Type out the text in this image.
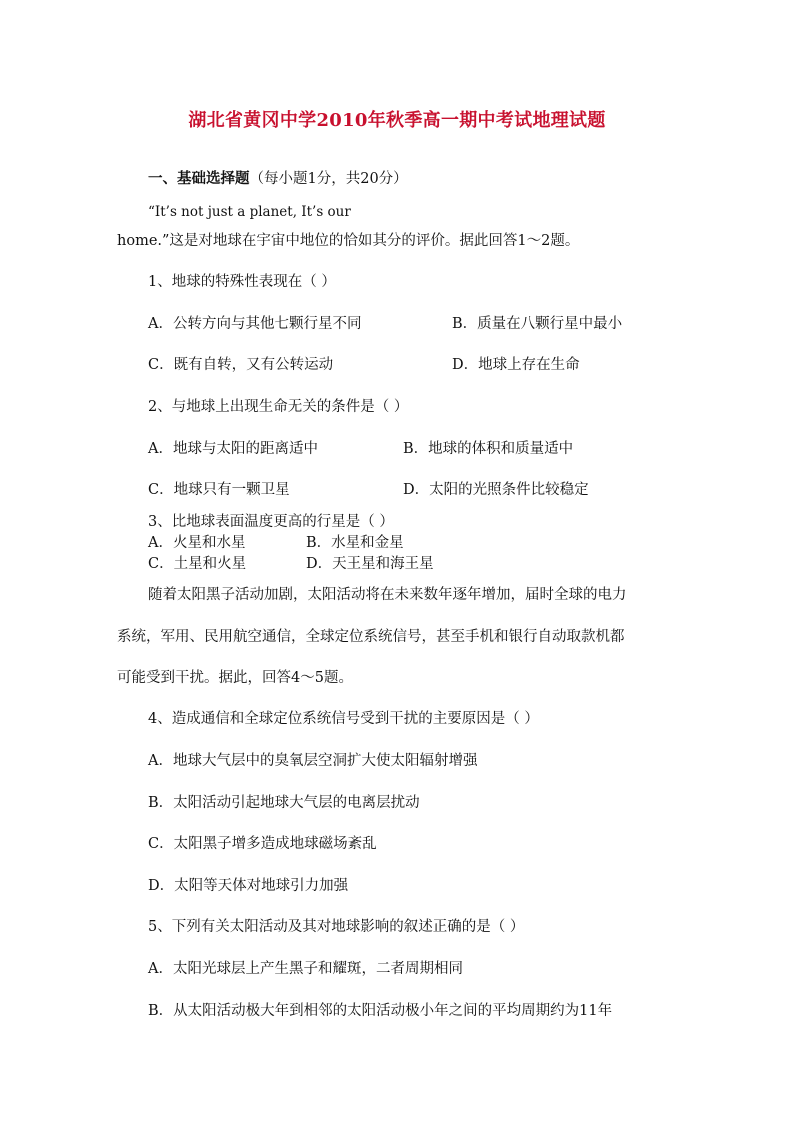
湖北省黄冈中学2010年秋季高一期中考试地理试题
一、基础选择题（每小题1分，共20分）
“It’s not just a planet, It’s our
home.”这是对地球在宇宙中地位的恰如其分的评价。据此回答1～2题。
1、地球的特殊性表现在（ ）
A．公转方向与其他七颗行星不同	B．质量在八颗行星中最小
C．既有自转，又有公转运动	D．地球上存在生命
2、与地球上出现生命无关的条件是（ ）
A．地球与太阳的距离适中	B．地球的体积和质量适中
C．地球只有一颗卫星	D．太阳的光照条件比较稳定
3、比地球表面温度更高的行星是（ ）
A．火星和水星	B．水星和金星
C．土星和火星	D．天王星和海王星
随着太阳黑子活动加剧，太阳活动将在未来数年逐年增加，届时全球的电力
系统，军用、民用航空通信，全球定位系统信号，甚至手机和银行自动取款机都
可能受到干扰。据此，回答4～5题。
4、造成通信和全球定位系统信号受到干扰的主要原因是（ ）
A．地球大气层中的臭氧层空洞扩大使太阳辐射增强
B．太阳活动引起地球大气层的电离层扰动
C．太阳黑子增多造成地球磁场紊乱
D．太阳等天体对地球引力加强
5、下列有关太阳活动及其对地球影响的叙述正确的是（ ）
A．太阳光球层上产生黑子和耀斑，二者周期相同
B．从太阳活动极大年到相邻的太阳活动极小年之间的平均周期约为11年
